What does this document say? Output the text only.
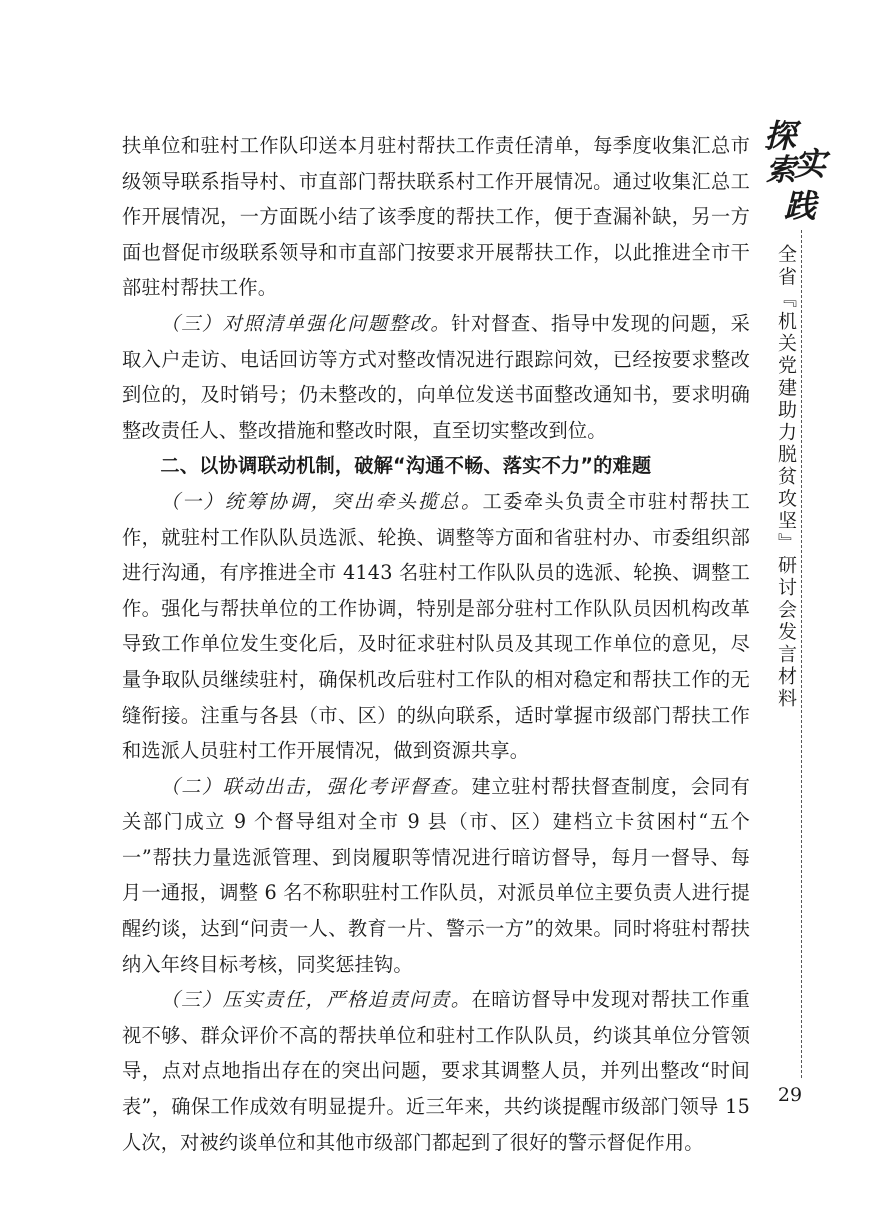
扶单位和驻村工作队印送本月驻村帮扶工作责任清单，每季度收集汇总市级领导联系指导村、市直部门帮扶联系村工作开展情况。通过收集汇总工作开展情况，一方面既小结了该季度的帮扶工作，便于查漏补缺，另一方面也督促市级联系领导和市直部门按要求开展帮扶工作，以此推进全市干部驻村帮扶工作。

（三）对照清单强化问题整改。针对督查、指导中发现的问题，采取入户走访、电话回访等方式对整改情况进行跟踪问效，已经按要求整改到位的，及时销号；仍未整改的，向单位发送书面整改通知书，要求明确整改责任人、整改措施和整改时限，直至切实整改到位。

二、以协调联动机制，破解“沟通不畅、落实不力”的难题

（一）统筹协调，突出牵头揽总。工委牵头负责全市驻村帮扶工作，就驻村工作队队员选派、轮换、调整等方面和省驻村办、市委组织部进行沟通，有序推进全市 4143 名驻村工作队队员的选派、轮换、调整工作。强化与帮扶单位的工作协调，特别是部分驻村工作队队员因机构改革导致工作单位发生变化后，及时征求驻村队员及其现工作单位的意见，尽量争取队员继续驻村，确保机改后驻村工作队的相对稳定和帮扶工作的无缝衔接。注重与各县（市、区）的纵向联系，适时掌握市级部门帮扶工作和选派人员驻村工作开展情况，做到资源共享。

（二）联动出击，强化考评督查。建立驻村帮扶督查制度，会同有关部门成立 9 个督导组对全市 9 县（市、区）建档立卡贫困村“五个一”帮扶力量选派管理、到岗履职等情况进行暗访督导，每月一督导、每月一通报，调整 6 名不称职驻村工作队员，对派员单位主要负责人进行提醒约谈，达到“问责一人、教育一片、警示一方”的效果。同时将驻村帮扶纳入年终目标考核，同奖惩挂钩。

（三）压实责任，严格追责问责。在暗访督导中发现对帮扶工作重视不够、群众评价不高的帮扶单位和驻村工作队队员，约谈其单位分管领导，点对点地指出存在的突出问题，要求其调整人员，并列出整改“时间表”，确保工作成效有明显提升。近三年来，共约谈提醒市级部门领导 15 人次，对被约谈单位和其他市级部门都起到了很好的警示督促作用。

探
索
实
践
全省『机关党建助力脱贫攻坚』研讨会发言材料
29
